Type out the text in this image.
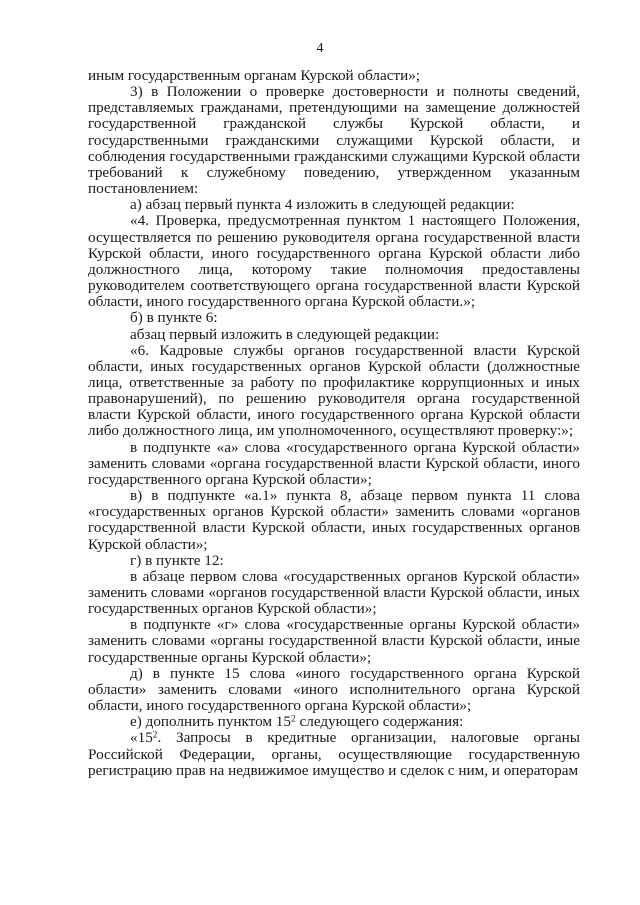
4

иным государственным органам Курской области»;

3) в Положении о проверке достоверности и полноты сведений, представляемых гражданами, претендующими на замещение должностей государственной гражданской службы Курской области, и государственными гражданскими служащими Курской области, и соблюдения государственными гражданскими служащими Курской области требований к служебному поведению, утвержденном указанным постановлением:

а) абзац первый пункта 4 изложить в следующей редакции:

«4. Проверка, предусмотренная пунктом 1 настоящего Положения, осуществляется по решению руководителя органа государственной власти Курской области, иного государственного органа Курской области либо должностного лица, которому такие полномочия предоставлены руководителем соответствующего органа государственной власти Курской области, иного государственного органа Курской области.»;

б) в пункте 6:

абзац первый изложить в следующей редакции:

«6. Кадровые службы органов государственной власти Курской области, иных государственных органов Курской области (должностные лица, ответственные за работу по профилактике коррупционных и иных правонарушений), по решению руководителя органа государственной власти Курской области, иного государственного органа Курской области либо должностного лица, им уполномоченного, осуществляют проверку:»;

в подпункте «а» слова «государственного органа Курской области» заменить словами «органа государственной власти Курской области, иного государственного органа Курской области»;

в) в подпункте «а.1» пункта 8, абзаце первом пункта 11 слова «государственных органов Курской области» заменить словами «органов государственной власти Курской области, иных государственных органов Курской области»;

г) в пункте 12:

в абзаце первом слова «государственных органов Курской области» заменить словами «органов государственной власти Курской области, иных государственных органов Курской области»;

в подпункте «г» слова «государственные органы Курской области» заменить словами «органы государственной власти Курской области, иные государственные органы Курской области»;

д) в пункте 15 слова «иного государственного органа Курской области» заменить словами «иного исполнительного органа Курской области, иного государственного органа Курской области»;

е) дополнить пунктом $15^2$ следующего содержания:

«$15^2$. Запросы в кредитные организации, налоговые органы Российской Федерации, органы, осуществляющие государственную регистрацию прав на недвижимое имущество и сделок с ним, и операторам
